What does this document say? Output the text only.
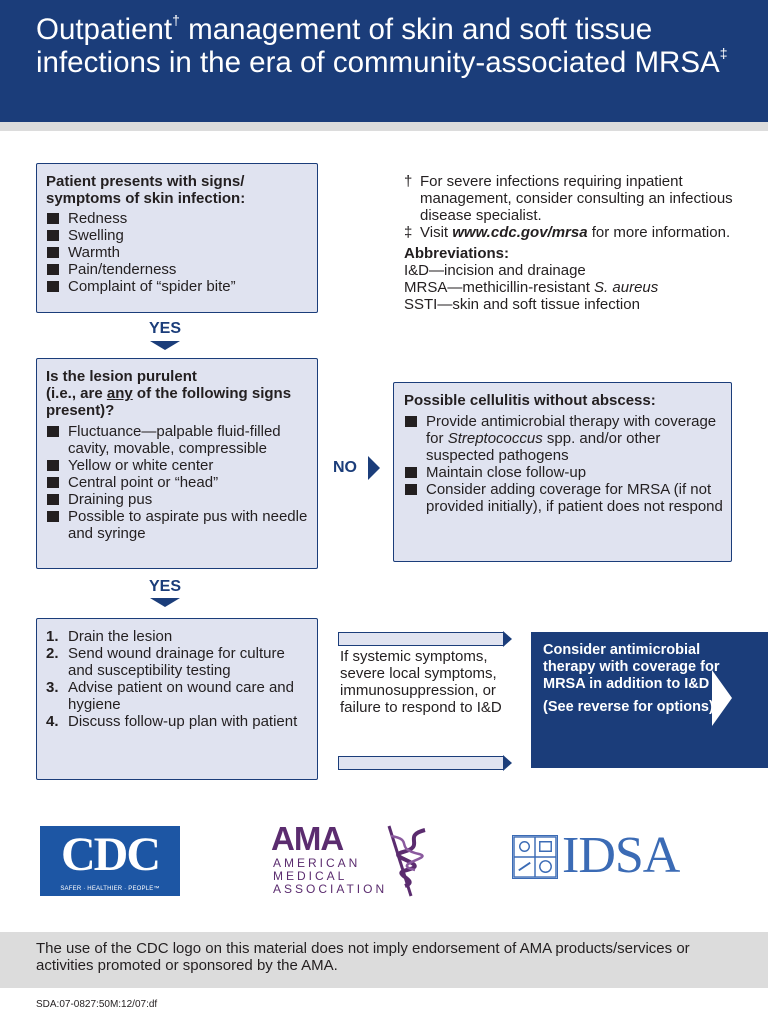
Outpatient† management of skin and soft tissue infections in the era of community-associated MRSA‡
Patient presents with signs/ symptoms of skin infection:
Redness
Swelling
Warmth
Pain/tenderness
Complaint of “spider bite”
YES
Is the lesion purulent
(i.e., are any of the following signs present)?
Fluctuance—palpable fluid-filled cavity, movable, compressible
Yellow or white center
Central point or “head”
Draining pus
Possible to aspirate pus with needle and syringe
NO
Possible cellulitis without abscess:
Provide antimicrobial therapy with coverage for Streptococcus spp. and/or other suspected pathogens
Maintain close follow-up
Consider adding coverage for MRSA (if not provided initially), if patient does not respond
† For severe infections requiring inpatient management, consider consulting an infectious disease specialist.
‡ Visit www.cdc.gov/mrsa for more information.
Abbreviations:
I&D—incision and drainage
MRSA—methicillin-resistant S. aureus
SSTI—skin and soft tissue infection
YES
1. Drain the lesion
2. Send wound drainage for culture and susceptibility testing
3. Advise patient on wound care and hygiene
4. Discuss follow-up plan with patient
If systemic symptoms, severe local symptoms, immunosuppression, or failure to respond to I&D
Consider antimicrobial therapy with coverage for MRSA in addition to I&D
(See reverse for options)
CDC
SAFER · HEALTHIER · PEOPLE™
AMA
AMERICAN
MEDICAL
ASSOCIATION
IDSA
The use of the CDC logo on this material does not imply endorsement of AMA products/services or activities promoted or sponsored by the AMA.
SDA:07-0827:50M:12/07:df
